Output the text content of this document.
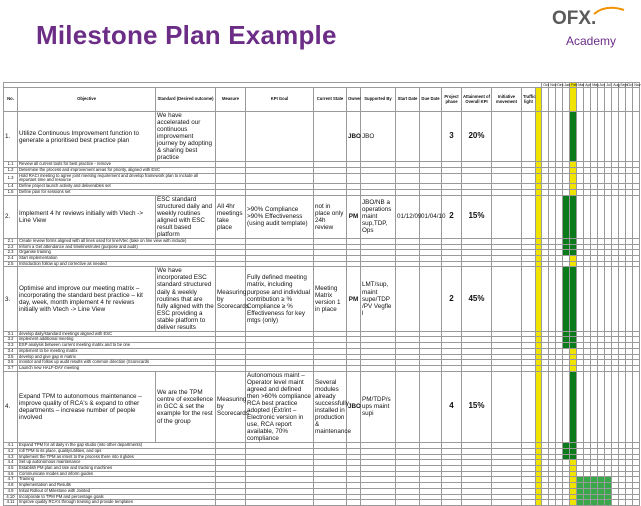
Milestone Plan Example
OFX.
Academy
															Oct	Nov	Dec	Jan	Feb	Mar	Apr	May	Jun	Jul	Aug	Sept	Oct	Nov
No.	Objective	Standard (Desired outcome)	Measure	KPI Goal	Current State	Owner	Supported By	Start Date	Due Date	Project phase	Attainment of Overall KPI	Initiative movement	Traffic light															
1.	Utilize Continuous Improvement function to generate a prioritised best practice plan	We have accelerated our continuous improvement journey by adopting & sharing best practice				JBO	JBO			3	20%																	
1.1	Review all current tools for best practice - remove																											
1.2	Determine the process and improvement areas for priority, aligned with ESC																											
1.3	Hold RACI meeting to agree joint meeting requirement and develop framework plan to include all important time and resource																											
1.4	Define project launch activity and deliverables set																											
1.5	Define plan for sessions set																											
2.	Implement 4 hr reviews initially with Vtech -> Line View	ESC standard structured daily and weekly routines aligned with ESC result based platform	All 4hr meetings take place	>90% Compliance >90% Effectiveness (using audit template)	not in place only 24h review	PM	JBO/NB a operations maint sup,TDP, Ops	01/12/09	01/04/10	2	15%																	
2.1	Create review forms aligned with all lines used for line/Vtec (take on line view with include)																											
2.2	Inform a Get attendance and timelines/rules (purpose and audit)																											
2.3	Organise training																											
2.4	Start implementation																											
2.5	Introduction follow up and corrective as needed																											
3.	Optimise and improve our meeting matrix – incorporating the standard best practice – kit day, week, month implement 4 hr reviews initially with Vtech -> Line View	We have incorporated ESC standard structured daily & weekly routines that are fully aligned with the ESC providing a stable platform to deliver results	Measuring by Scorecards	Fully defined meeting matrix, including purpose and individual contribution ≥ % Compliance ≥ % Effectiveness for key mtgs (only)	Meeting Matrix version 1 in place	PM	LMT/sup, maint supe/TDP /PV Vegfle l			2	45%																	
3.1	develop daily/standard meetings aligned with ESC																											
3.2	implement additional meeting																											
3.3	ESP analysis between current meeting matrix and to be one																											
3.4	implement to be meeting matrix																											
3.5	develop and give gap in matrix																											
3.6	monitor and follow up audit results with common direction (Scorecards																											
3.7	Launch new HALF-DAY meeting																											
4.	Expand TPM to autonomous maintenance – improve quality of RCA's & expand to other departments – increase number of people involved	We are the TPM centre of excellence in GCC & set the example for the rest of the group	Measuring by Scorecards	Autonomous maint – Operator level maint agreed and defined then >60% compliance RCA best practice adopted (Ext/int – Electronic version in use, RCA report available, 70% compliance	Several modules already successfully installed in production & maintenance	JBO	PM/TDP/s ups maint supi			4	15%																	
4.1	Expand TPM for all daily in the gap studio (into other departments)																											
4.2	roll TPM to its place, quality/utilities, and ops																											
4.3	Implement the TPM as intent to the process there into it glides																											
4.4	Set up autonomous maintenance																											
4.5	Establish PM plan and rate and tracking machines																											
4.6	Communicate modes and inform guides																											
4.7	Training																											
4.8	Implementation and Results																											
4.9	Initial Rollout of Milestone with Jointed																											
4.10	Incorporate to TPM PM and percentage goals																											
4.11	Improve quality RCA's through training and provide templates																											
